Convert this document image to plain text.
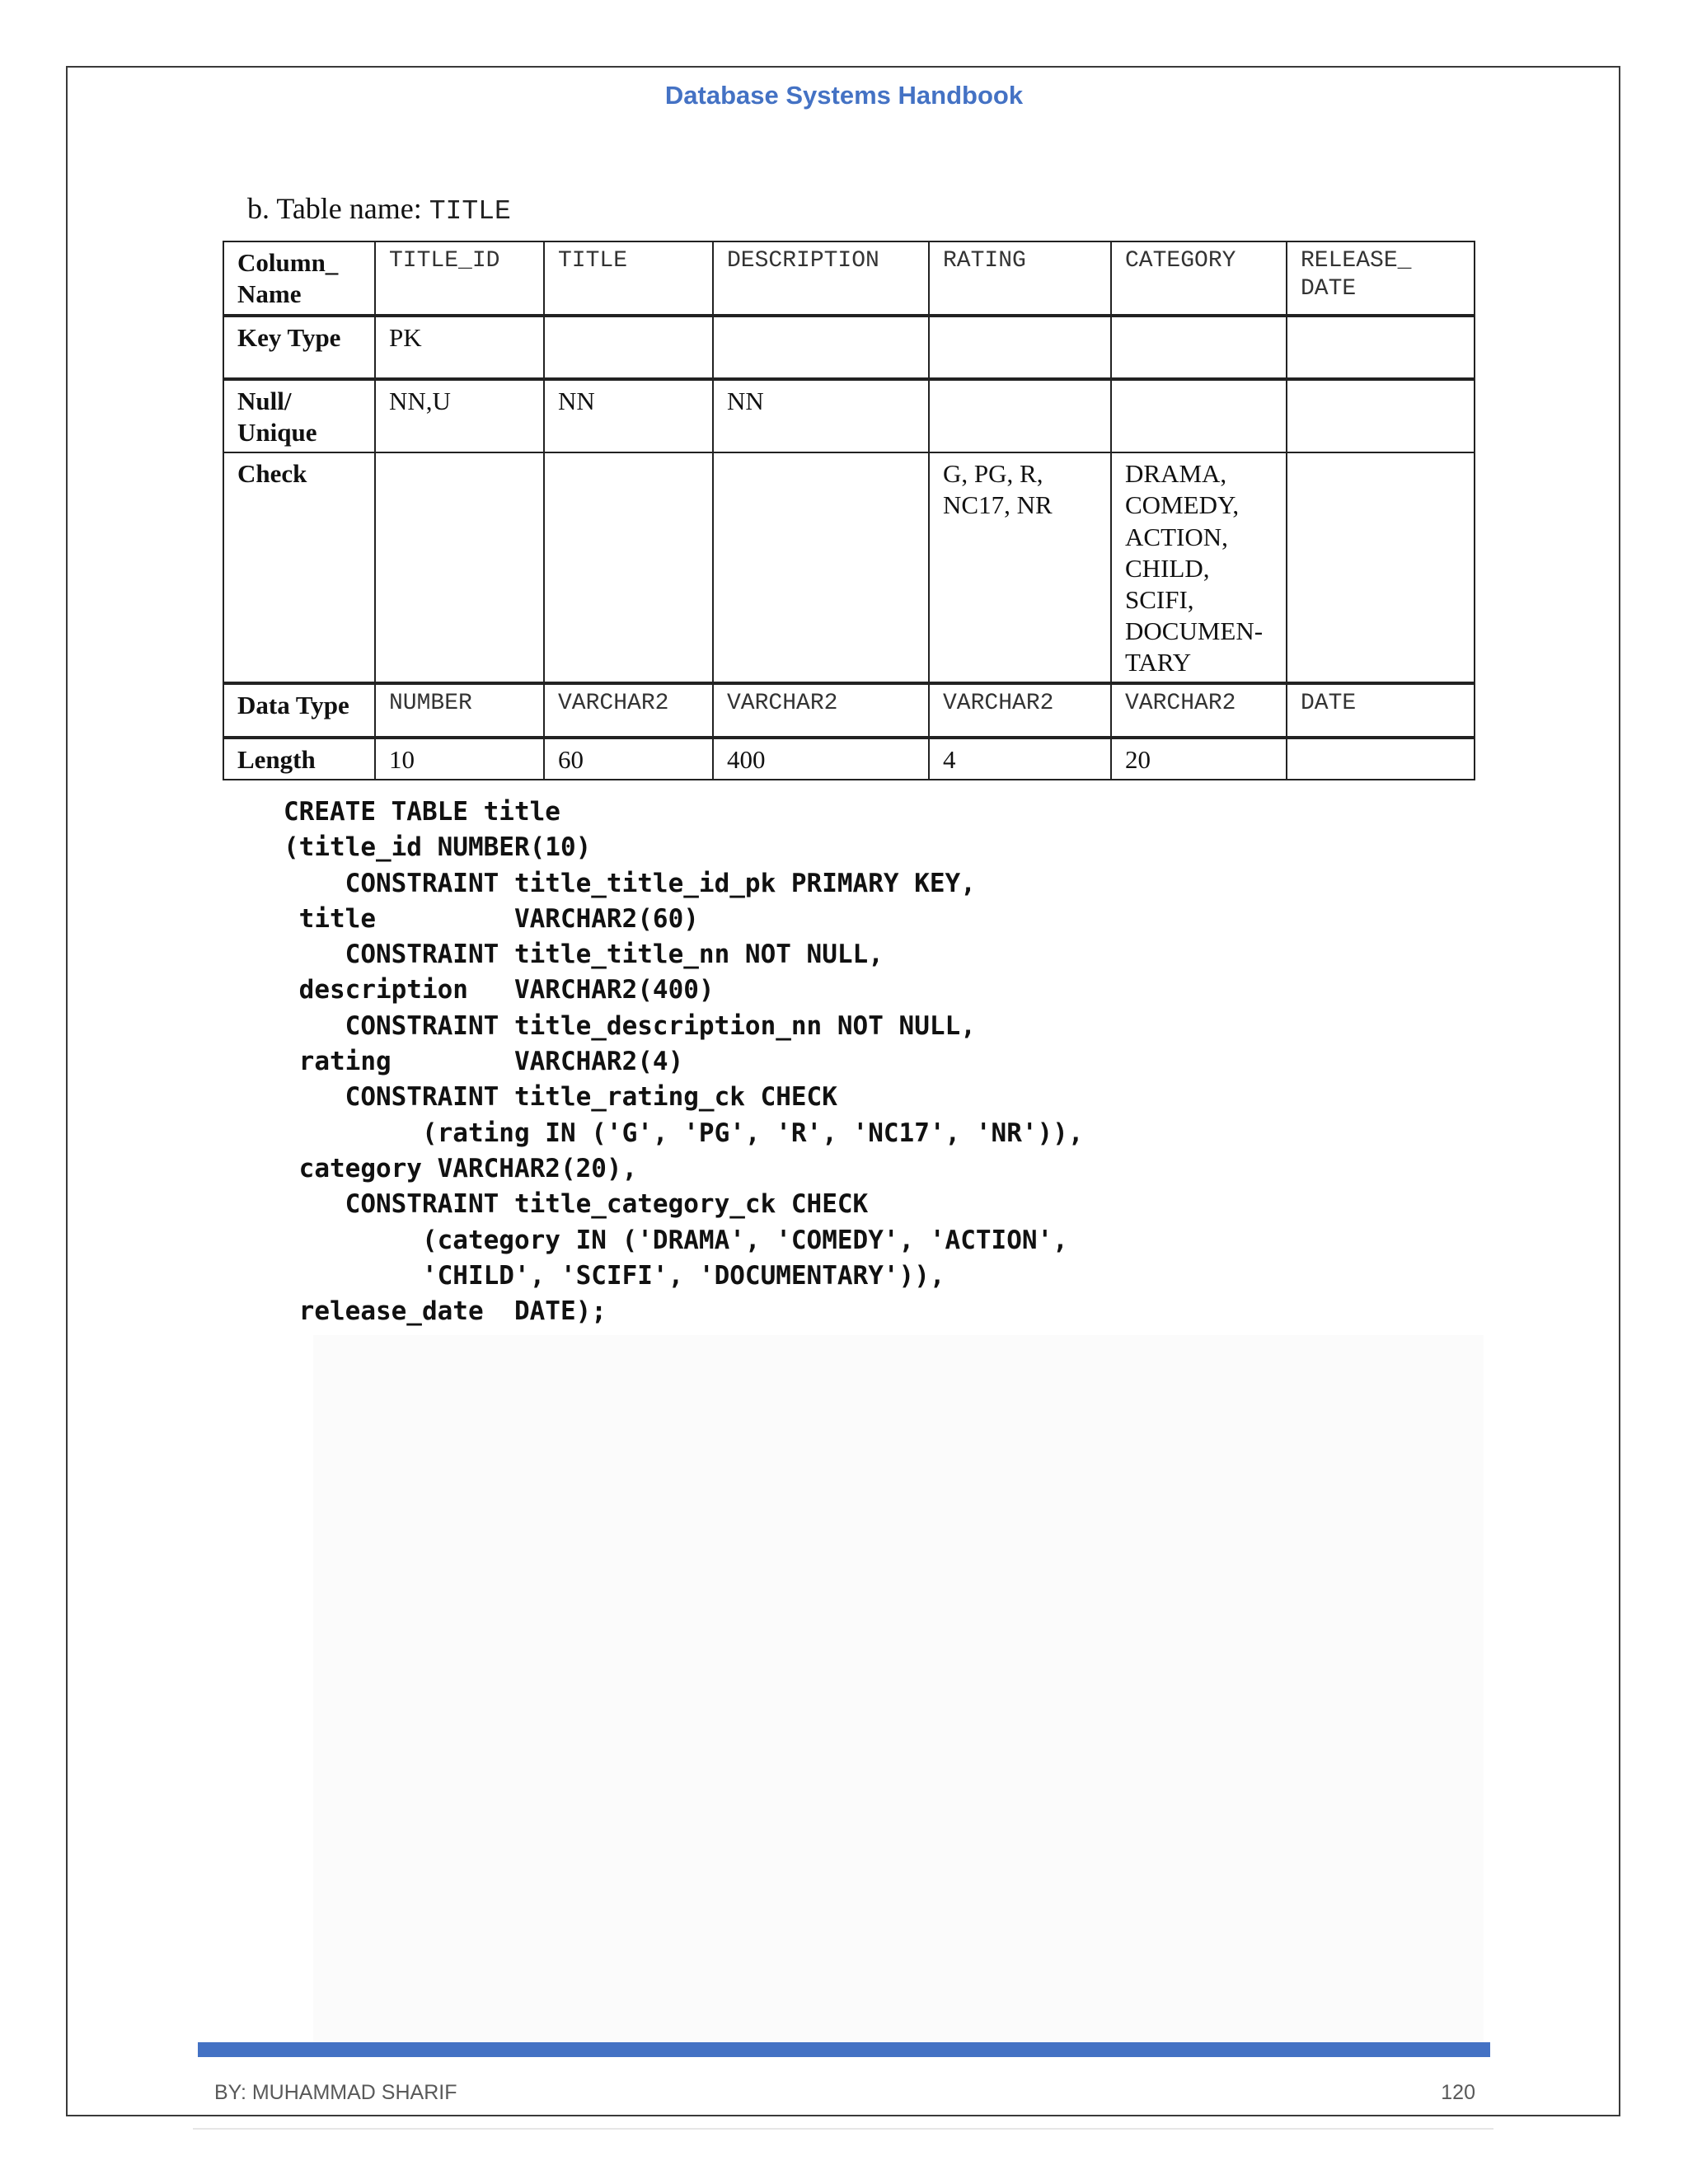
Database Systems Handbook
b. Table name: TITLE
Column_ Name	TITLE_ID	TITLE	DESCRIPTION	RATING	CATEGORY	RELEASE_ DATE
Key Type	PK					
Null/ Unique	NN,U	NN	NN			
Check				G, PG, R, NC17, NR	DRAMA, COMEDY, ACTION, CHILD, SCIFI, DOCUMEN- TARY	
Data Type	NUMBER	VARCHAR2	VARCHAR2	VARCHAR2	VARCHAR2	DATE
Length	10	60	400	4	20	
CREATE TABLE title
(title_id NUMBER(10)
CONSTRAINT title_title_id_pk PRIMARY KEY,
title         VARCHAR2(60)
CONSTRAINT title_title_nn NOT NULL,
description   VARCHAR2(400)
CONSTRAINT title_description_nn NOT NULL,
rating        VARCHAR2(4)
CONSTRAINT title_rating_ck CHECK
(rating IN ('G', 'PG', 'R', 'NC17', 'NR')),
category VARCHAR2(20),
CONSTRAINT title_category_ck CHECK
(category IN ('DRAMA', 'COMEDY', 'ACTION',
'CHILD', 'SCIFI', 'DOCUMENTARY')),
release_date  DATE);
BY: MUHAMMAD SHARIF	120
